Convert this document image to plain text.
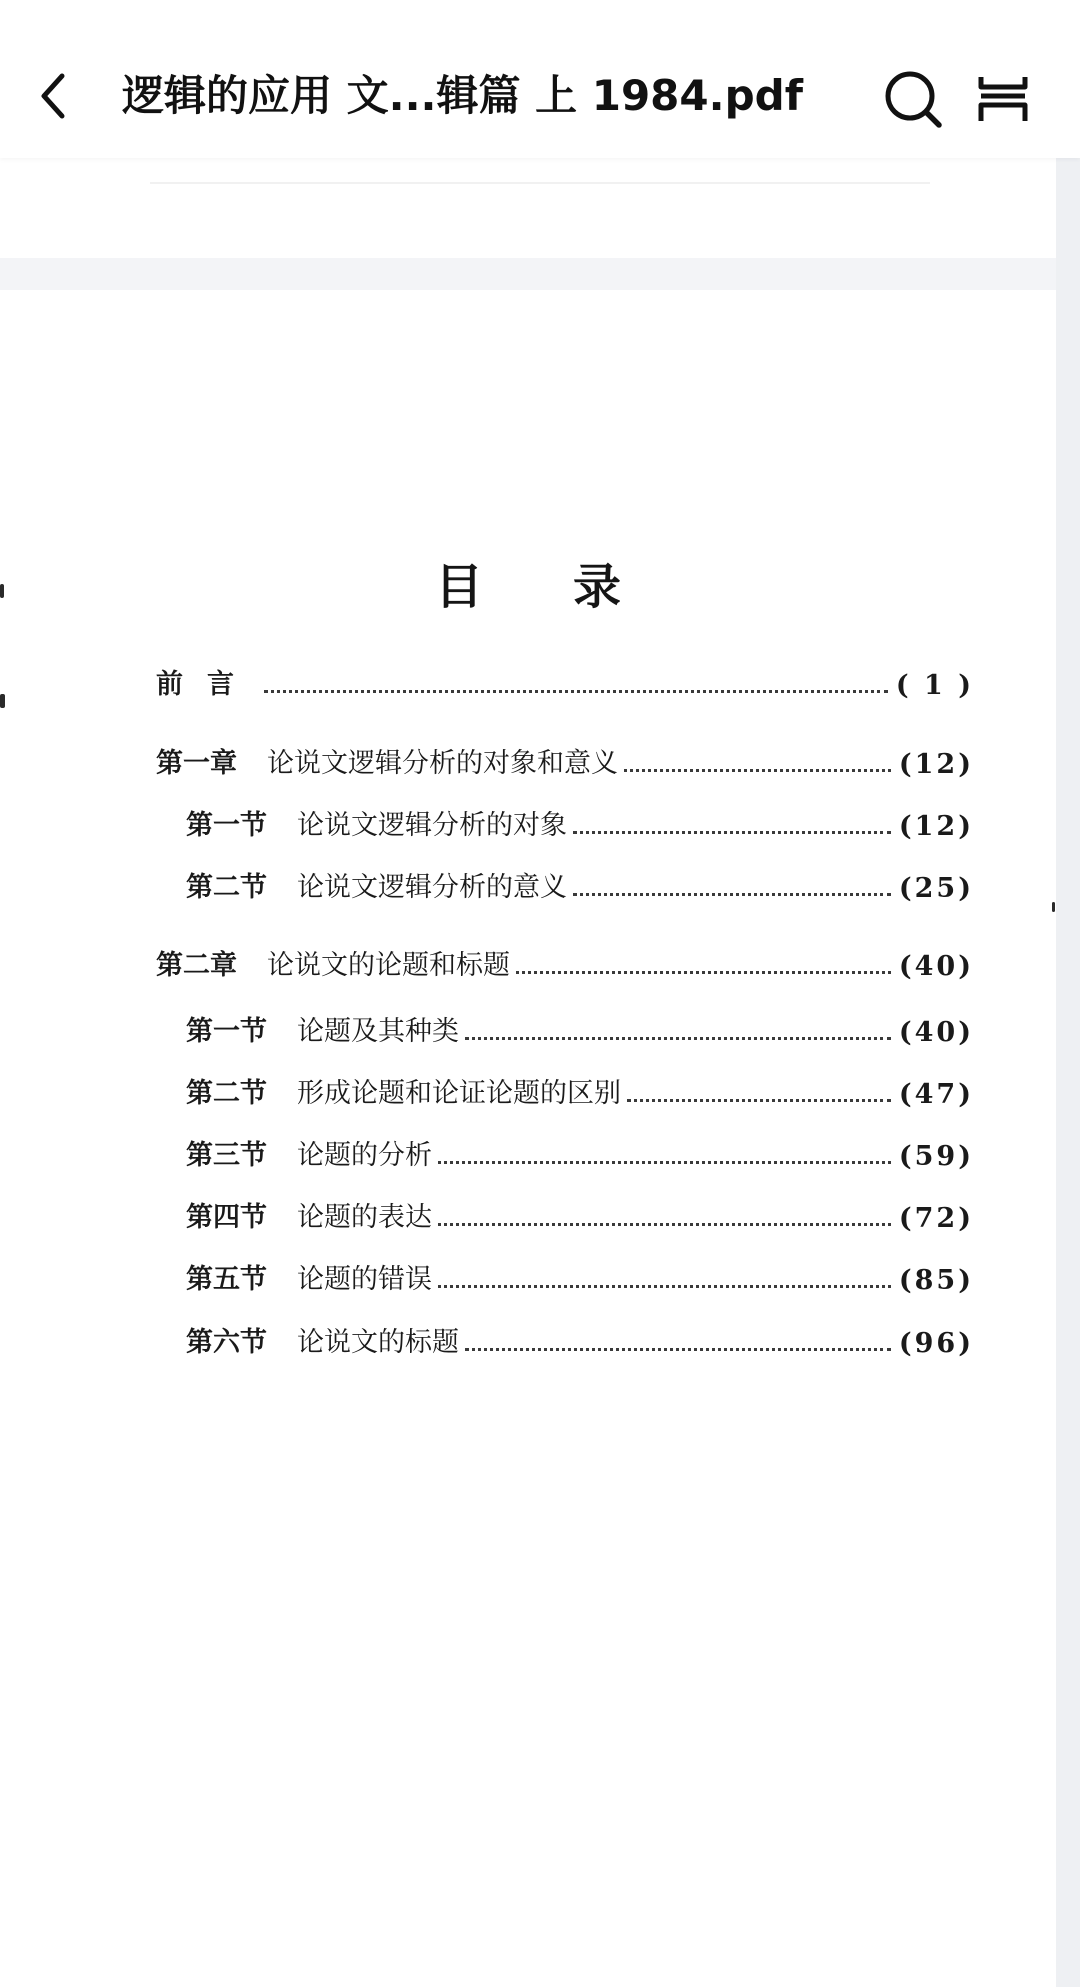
逻辑的应用 文...辑篇 上 1984.pdf
目录
前言	( 1 )
第一章 论说文逻辑分析的对象和意义	(12)
第一节 论说文逻辑分析的对象	(12)
第二节 论说文逻辑分析的意义	(25)
第二章 论说文的论题和标题	(40)
第一节 论题及其种类	(40)
第二节 形成论题和论证论题的区别	(47)
第三节 论题的分析	(59)
第四节 论题的表达	(72)
第五节 论题的错误	(85)
第六节 论说文的标题	(96)
